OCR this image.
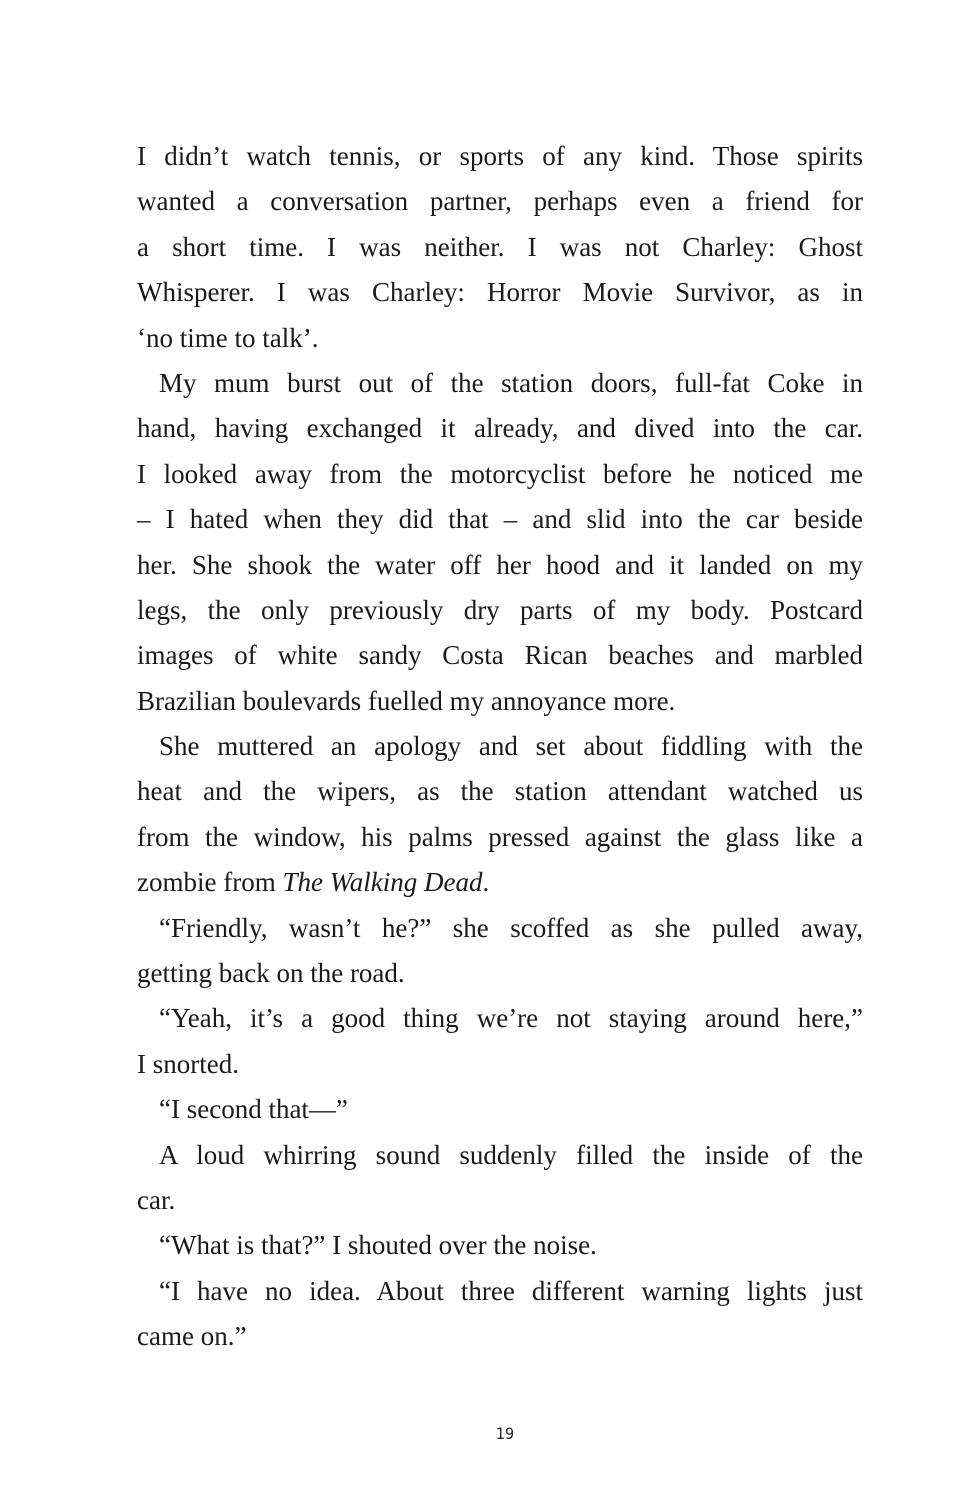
I didn’t watch tennis, or sports of any kind. Those spirits
wanted a conversation partner, perhaps even a friend for
a short time. I was neither. I was not Charley: Ghost
Whisperer. I was Charley: Horror Movie Survivor, as in
‘no time to talk’.
My mum burst out of the station doors, full-fat Coke in
hand, having exchanged it already, and dived into the car.
I looked away from the motorcyclist before he noticed me
– I hated when they did that – and slid into the car beside
her. She shook the water off her hood and it landed on my
legs, the only previously dry parts of my body. Postcard
images of white sandy Costa Rican beaches and marbled
Brazilian boulevards fuelled my annoyance more.
She muttered an apology and set about fiddling with the
heat and the wipers, as the station attendant watched us
from the window, his palms pressed against the glass like a
zombie from The Walking Dead.
“Friendly, wasn’t he?” she scoffed as she pulled away,
getting back on the road.
“Yeah, it’s a good thing we’re not staying around here,”
I snorted.
“I second that—”
A loud whirring sound suddenly filled the inside of the
car.
“What is that?” I shouted over the noise.
“I have no idea. About three different warning lights just
came on.”
19
